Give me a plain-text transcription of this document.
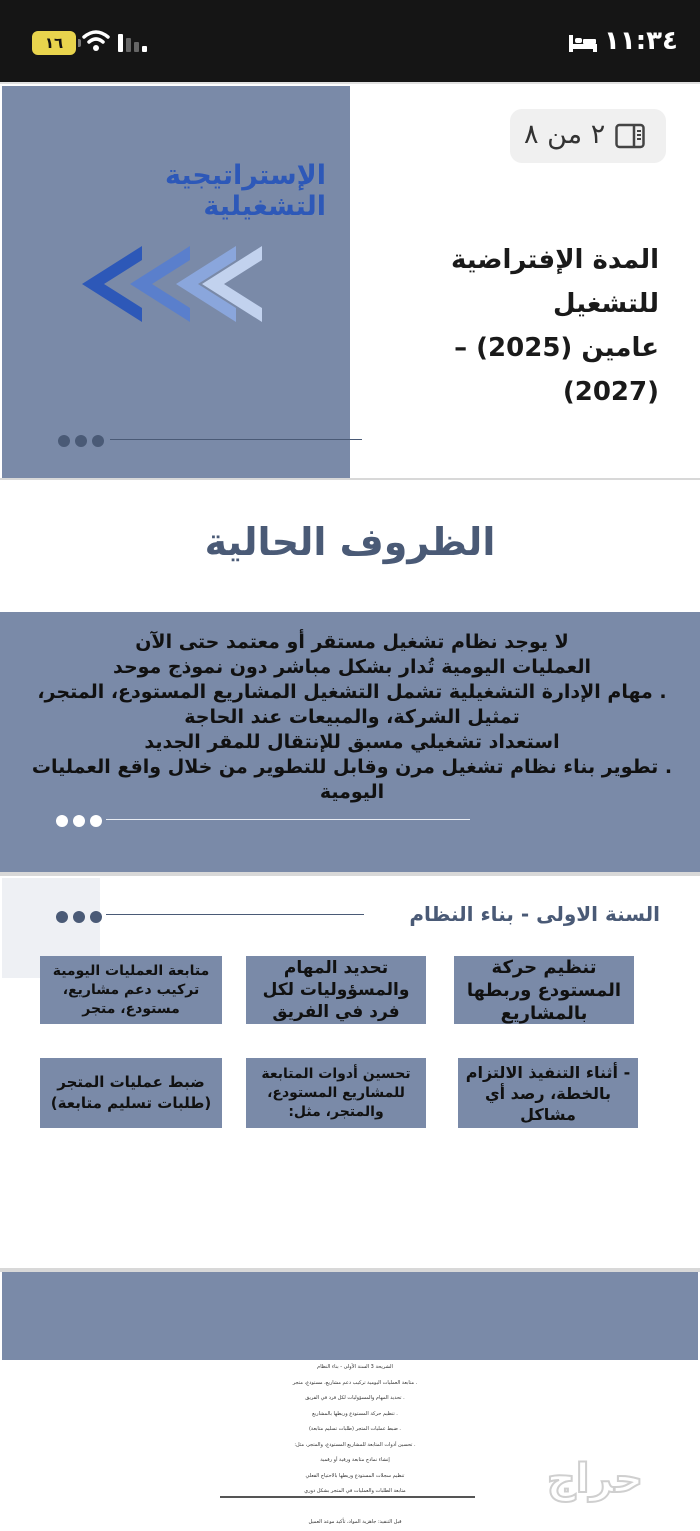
١٦	١١:٣٤
الإستراتيجية التشغيلية
٢ من ٨
المدة الإفتراضية للتشغيل
عامين (2025) – (2027)
الظروف الحالية
لا يوجد نظام تشغيل مستقر أو معتمد حتى الآن
العمليات اليومية تُدار بشكل مباشر دون نموذج موحد
. مهام الإدارة التشغيلية تشمل التشغيل المشاريع المستودع، المتجر،
تمثيل الشركة، والمبيعات عند الحاجة
استعداد تشغيلي مسبق للإنتقال للمقر الجديد
. تطوير بناء نظام تشغيل مرن وقابل للتطوير من خلال واقع العمليات
اليومية
السنة الاولى - بناء النظام
تنظيم حركة المستودع وربطها بالمشاريع
تحديد المهام والمسؤوليات لكل فرد في الفريق
متابعة العمليات اليومية تركيب دعم مشاريع، مستودع، متجر
- أثناء التنفيذ الالتزام بالخطة، رصد أي مشاكل
تحسين أدوات المتابعة للمشاريع المستودع، والمتجر، مثل:
ضبط عمليات المتجر (طلبات تسليم متابعة)
الشريحة 3 السنة الأولى - بناء النظام
. متابعة العمليات اليومية تركيب دعم مشاريع، مستودع، متجر
. تحديد المهام والمسؤوليات لكل فرد في الفريق
. تنظيم حركة المستودع وربطها بالمشاريع
. ضبط عمليات المتجر (طلبات تسليم متابعة)
. تحسين أدوات المتابعة للمشاريع المستودع، والمتجر، مثل:
إنشاء نماذج متابعة ورقية أو رقمية
تنظيم سجلات المستودع وربطها بالاحتياج الفعلي
متابعة الطلبات والعمليات في المتجر بشكل دوري

قبل التنفيذ: جاهزية المواد، تأكيد موعد العميل
حراج
